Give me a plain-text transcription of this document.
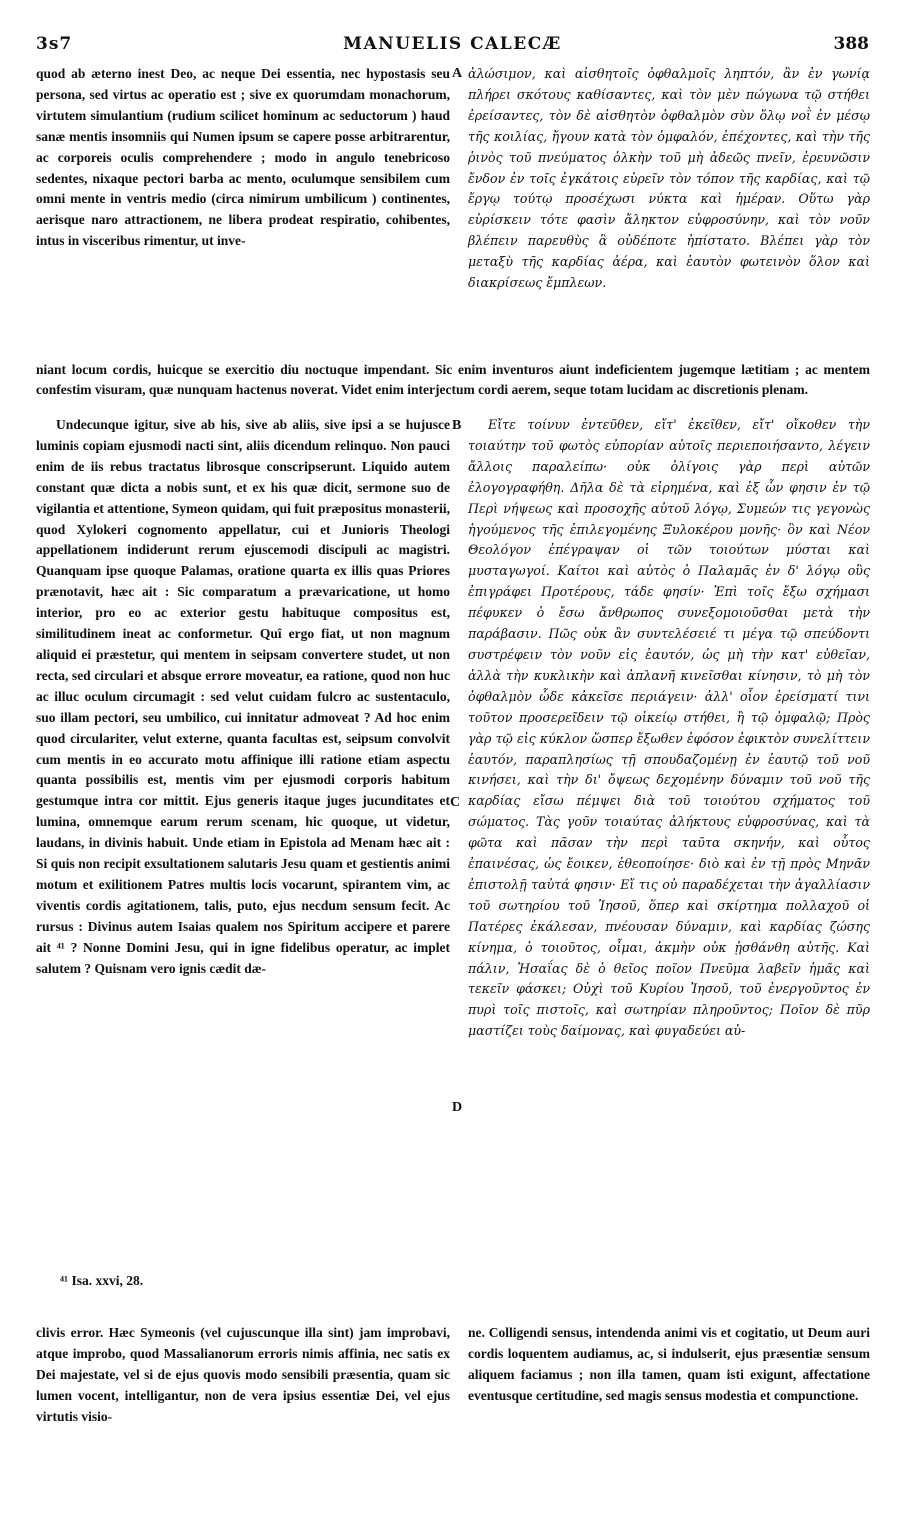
3s7	MANUELIS CALECÆ	388

quod ab æterno inest Deo, ac neque Dei essentia, nec hypostasis seu persona, sed virtus ac operatio est ; sive ex quorumdam monachorum, virtutem simulantium (rudium scilicet hominum ac seductorum ) haud sanæ mentis insomniis qui Numen ipsum se capere posse arbitrarentur, ac corporeis oculis comprehendere ; modo in angulo tenebricoso sedentes, nixaque pectori barba ac mento, oculumque sensibilem cum omni mente in ventris medio (circa nimirum umbilicum ) continentes, aerisque naro attractionem, ne libera prodeat respiratio, cohibentes, intus in visceribus rimentur, ut inve-

A ἀλώσιμον, καὶ αἰσθητοῖς ὀφθαλμοῖς ληπτόν, ἂν ἐν γωνίᾳ πλήρει σκότους καθίσαντες, καὶ τὸν μὲν πώγωνα τῷ στήθει ἐρείσαντες, τὸν δὲ αἰσθητὸν ὀφθαλμὸν σὺν ὅλῳ νοῒ ἐν μέσῳ τῆς κοιλίας, ἤγουν κατὰ τὸν ὀμφαλόν, ἐπέχοντες, καὶ τὴν τῆς ῥινὸς τοῦ πνεύματος ὁλκὴν τοῦ μὴ ἀδεῶς πνεῖν, ἐρευνῶσιν ἔνδον ἐν τοῖς ἐγκάτοις εὑρεῖν τὸν τόπον τῆς καρδίας, καὶ τῷ ἔργῳ τούτῳ προσέχωσι νύκτα καὶ ἡμέραν. Οὕτω γὰρ εὑρίσκειν τότε φασὶν ἄληκτον εὐφροσύνην, καὶ τὸν νοῦν βλέπειν παρευθὺς ἃ οὐδέποτε ἠπίστατο. Βλέπει γὰρ τὸν μεταξὺ τῆς καρδίας ἀέρα, καὶ ἑαυτὸν φωτεινὸν ὅλον καὶ διακρίσεως ἔμπλεων.

niant locum cordis, huicque se exercitio diu noctuque impendant. Sic enim inventuros aiunt indeficientem jugemque lætitiam ; ac mentem confestim visuram, quæ nunquam hactenus noverat. Videt enim interjectum cordi aerem, seque totam lucidam ac discretionis plenam.

Undecunque igitur, sive ab his, sive ab aliis, sive ipsi a se hujusce luminis copiam ejusmodi nacti sint, aliis dicendum relinquo. Non pauci enim de iis rebus tractatus librosque conscripserunt. Liquido autem constant quæ dicta a nobis sunt, et ex his quæ dicit, sermone suo de vigilantia et attentione, Symeon quidam, qui fuit præpositus monasterii, quod Xylokeri cognomento appellatur, cui et Junioris Theologi appellationem indiderunt rerum ejuscemodi discipuli ac magistri. Quanquam ipse quoque Palamas, oratione quarta ex illis quas Priores prænotavit, hæc ait : Sic comparatum a prævaricatione, ut homo interior, pro eo ac exterior gestu habituque compositus est, similitudinem ineat ac conformetur. Quî ergo fiat, ut non magnum aliquid ei præstetur, qui mentem in seipsam convertere studet, ut non recta, sed circulari et absque errore moveatur, ea ratione, quod non huc ac illuc oculum circumagit : sed velut cuidam fulcro ac sustentaculo, suo illam pectori, seu umbilico, cui innitatur admoveat ? Ad hoc enim quod circulariter, velut externe, quanta facultas est, seipsum convolvit cum mentis in eo accurato motu affinique illi ratione etiam aspectu quanta possibilis est, mentis vim per ejusmodi corporis habitum gestumque intra cor mittit. Ejus generis itaque juges jucunditates et lumina, omnemque earum rerum scenam, hic quoque, ut videtur, laudans, in divinis habuit. Unde etiam in Epistola ad Menam hæc ait : Si quis non recipit exsultationem salutaris Jesu quam et gestientis animi motum et exilitionem Patres multis locis vocarunt, spirantem vim, ac viventis cordis agitationem, talis, puto, ejus necdum sensum fecit. Ac rursus : Divinus autem Isaias qualem nos Spiritum accipere et parere ait ⁴¹ ? Nonne Domini Jesu, qui in igne fidelibus operatur, ac implet salutem ? Quisnam vero ignis cædit dæ-

B
C
D

Εἴτε τοίνυν ἐντεῦθεν, εἴτ' ἐκεῖθεν, εἴτ' οἴκοθεν τὴν τοιαύτην τοῦ φωτὸς εὐπορίαν αὐτοῖς περιεποιήσαντο, λέγειν ἄλλοις παραλείπω· οὐκ ὀλίγοις γὰρ περὶ αὐτῶν ἐλογογραφήθη. Δῆλα δὲ τὰ εἰρημένα, καὶ ἐξ ὧν φησιν ἐν τῷ Περὶ νήψεως καὶ προσοχῆς αὐτοῦ λόγῳ, Συμεών τις γεγονὼς ἡγούμενος τῆς ἐπιλεγομένης Ξυλοκέρου μονῆς· ὃν καὶ Νέον Θεολόγον ἐπέγραψαν οἱ τῶν τοιούτων μύσται καὶ μυσταγωγοί. Καίτοι καὶ αὐτὸς ὁ Παλαμᾶς ἐν δ' λόγῳ οὓς ἐπιγράφει Προτέρους, τάδε φησίν· Ἐπὶ τοῖς ἔξω σχήμασι πέφυκεν ὁ ἔσω ἄνθρωπος συνεξομοιοῦσθαι μετὰ τὴν παράβασιν. Πῶς οὐκ ἂν συντελέσειέ τι μέγα τῷ σπεύδοντι συστρέφειν τὸν νοῦν εἰς ἑαυτόν, ὡς μὴ τὴν κατ' εὐθεῖαν, ἀλλὰ τὴν κυκλικὴν καὶ ἀπλανῆ κινεῖσθαι κίνησιν, τὸ μὴ τὸν ὀφθαλμὸν ὧδε κἀκεῖσε περιάγειν· ἀλλ' οἷον ἐρείσματί τινι τοῦτον προσερεῖδειν τῷ οἰκείῳ στήθει, ἢ τῷ ὀμφαλῷ; Πρὸς γὰρ τῷ εἰς κύκλον ὥσπερ ἔξωθεν ἐφόσον ἐφικτὸν συνελίττειν ἑαυτόν, παραπλησίως τῇ σπουδαζομένῃ ἐν ἑαυτῷ τοῦ νοῦ κινήσει, καὶ τὴν δι' ὄψεως δεχομένην δύναμιν τοῦ νοῦ τῆς καρδίας εἴσω πέμψει διὰ τοῦ τοιούτου σχήματος τοῦ σώματος. Τὰς γοῦν τοιαύτας ἀλήκτους εὐφροσύνας, καὶ τὰ φῶτα καὶ πᾶσαν τὴν περὶ ταῦτα σκηνήν, καὶ οὗτος ἐπαινέσας, ὡς ἔοικεν, ἐθεοποίησε· διὸ καὶ ἐν τῇ πρὸς Μηνᾶν ἐπιστολῇ ταὐτά φησιν· Εἴ τις οὐ παραδέχεται τὴν ἀγαλλίασιν τοῦ σωτηρίου τοῦ Ἰησοῦ, ὅπερ καὶ σκίρτημα πολλαχοῦ οἱ Πατέρες ἐκάλεσαν, πνέουσαν δύναμιν, καὶ καρδίας ζώσης κίνημα, ὁ τοιοῦτος, οἶμαι, ἀκμὴν οὐκ ᾐσθάνθη αὐτῆς. Καὶ πάλιν, Ἡσαΐας δὲ ὁ θεῖος ποῖον Πνεῦμα λαβεῖν ἡμᾶς καὶ τεκεῖν φάσκει; Οὐχὶ τοῦ Κυρίου Ἰησοῦ, τοῦ ἐνεργοῦντος ἐν πυρὶ τοῖς πιστοῖς, καὶ σωτηρίαν πληροῦντος; Ποῖον δὲ πῦρ μαστίζει τοὺς δαίμονας, καὶ φυγαδεύει αὐ-

⁴¹ Isa. xxvi, 28.

clivis error. Hæc Symeonis (vel cujuscunque illa sint) jam improbavi, atque improbo, quod Massalianorum erroris nimis affinia, nec satis ex Dei majestate, vel si de ejus quovis modo sensibili præsentia, quam sic lumen vocent, intelligantur, non de vera ipsius essentiæ Dei, vel ejus virtutis visio-

ne. Colligendi sensus, intendenda animi vis et cogitatio, ut Deum auri cordis loquentem audiamus, ac, si indulserit, ejus præsentiæ sensum aliquem faciamus ; non illa tamen, quam isti exigunt, affectatione eventusque certitudine, sed magis sensus modestia et compunctione.
